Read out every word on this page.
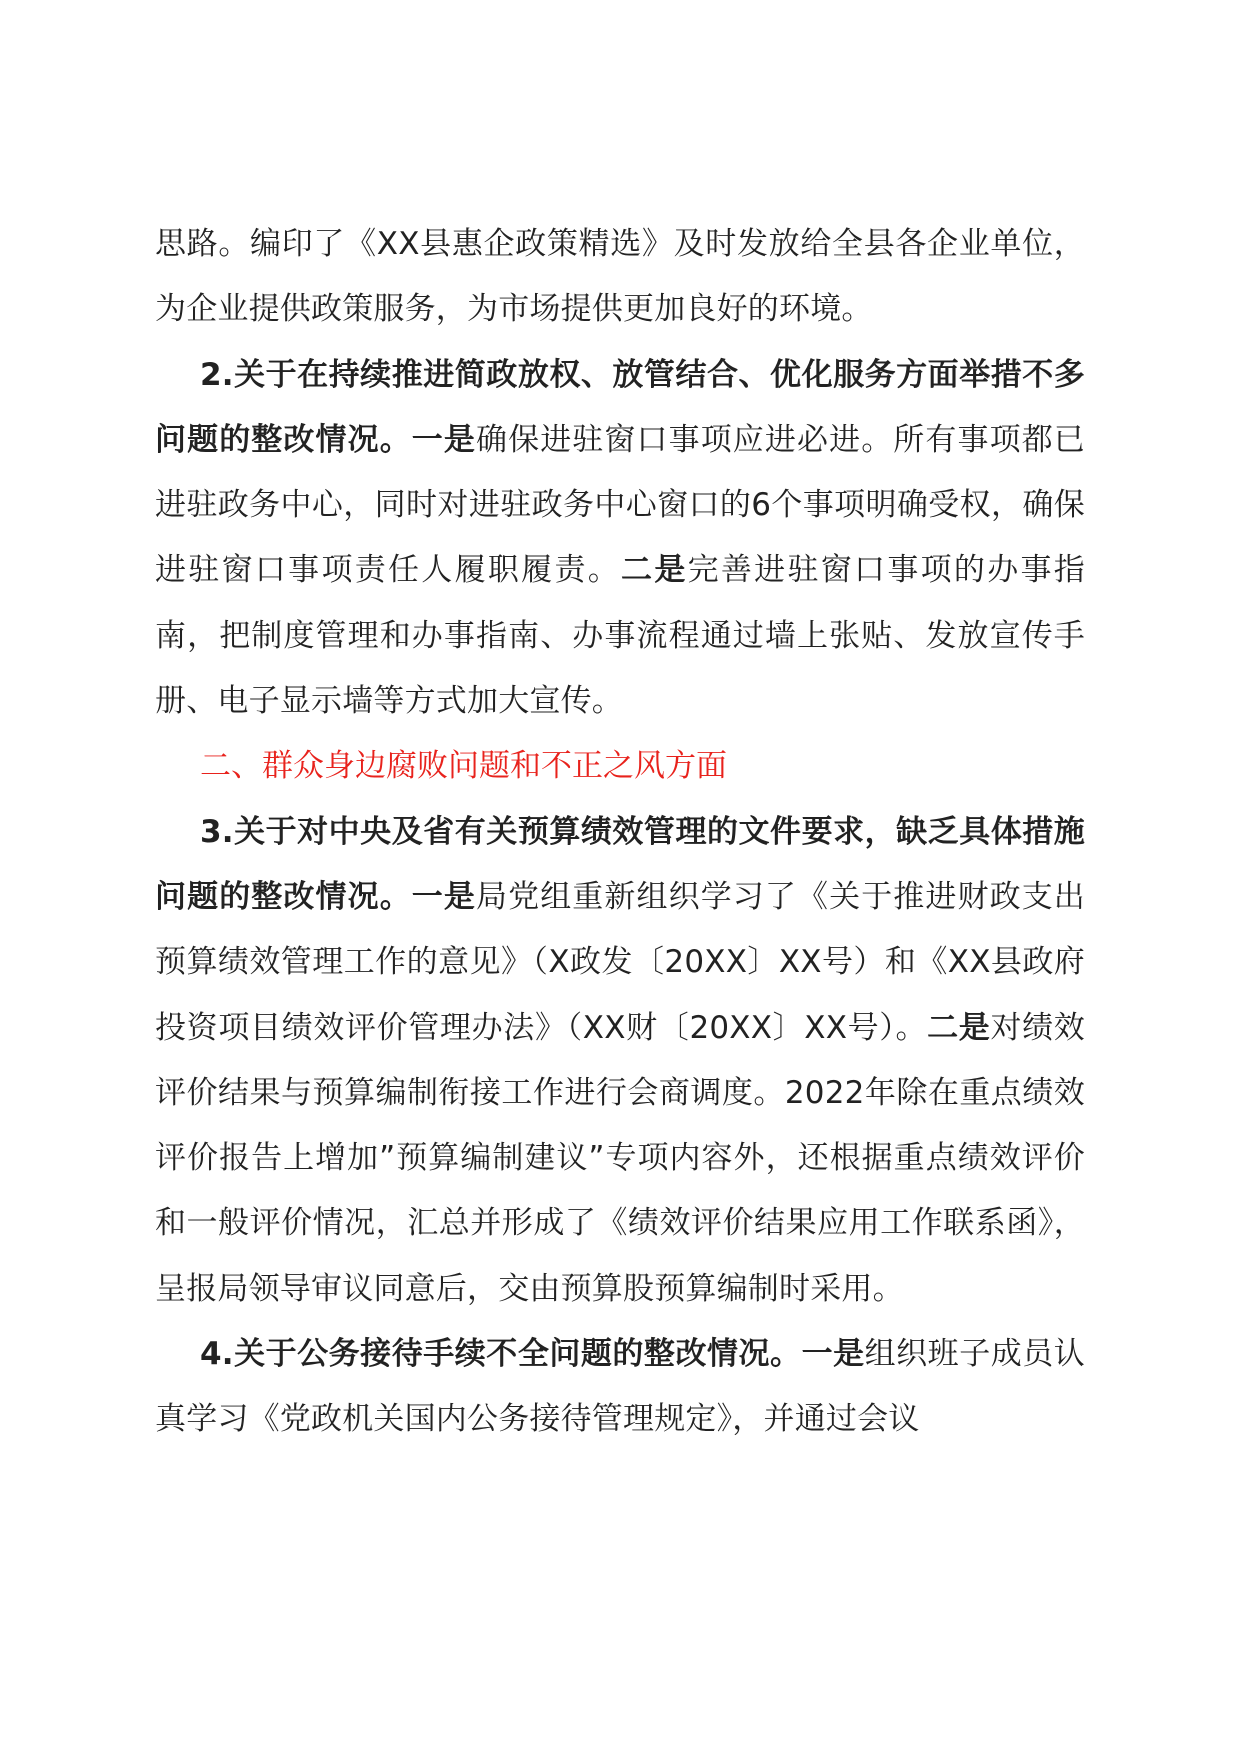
思路。编印了《XX县惠企政策精选》及时发放给全县各企业单位，为企业提供政策服务，为市场提供更加良好的环境。

2.关于在持续推进简政放权、放管结合、优化服务方面举措不多问题的整改情况。一是确保进驻窗口事项应进必进。所有事项都已进驻政务中心，同时对进驻政务中心窗口的6个事项明确受权，确保进驻窗口事项责任人履职履责。二是完善进驻窗口事项的办事指南，把制度管理和办事指南、办事流程通过墙上张贴、发放宣传手册、电子显示墙等方式加大宣传。

二、群众身边腐败问题和不正之风方面

3.关于对中央及省有关预算绩效管理的文件要求，缺乏具体措施问题的整改情况。一是局党组重新组织学习了《关于推进财政支出预算绩效管理工作的意见》（X政发〔20XX〕XX号）和《XX县政府投资项目绩效评价管理办法》（XX财〔20XX〕XX号）。二是对绩效评价结果与预算编制衔接工作进行会商调度。2022年除在重点绩效评价报告上增加”预算编制建议”专项内容外，还根据重点绩效评价和一般评价情况，汇总并形成了《绩效评价结果应用工作联系函》，呈报局领导审议同意后，交由预算股预算编制时采用。

4.关于公务接待手续不全问题的整改情况。一是组织班子成员认真学习《党政机关国内公务接待管理规定》，并通过会议
